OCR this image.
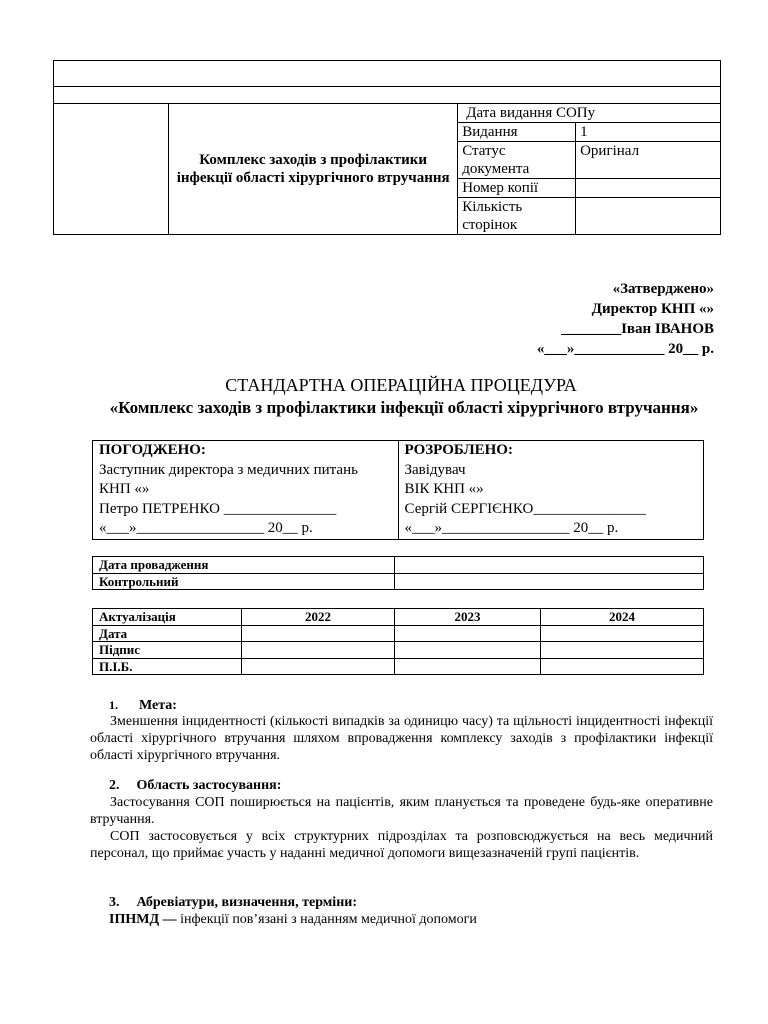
	Комплекс заходів з профілактики інфекції області хірургічного втручання	Дата видання СОПу	
		Видання	1
		Статус документа	Оригінал
		Номер копії	
		Кількість сторінок	
«Затверджено»
Директор КНП «»
________Іван ІВАНОВ
«___»____________ 20__ р.
СТАНДАРТНА ОПЕРАЦІЙНА ПРОЦЕДУРА
«Комплекс заходів з профілактики інфекції області хірургічного втручання»
ПОГОДЖЕНО:
Заступник директора з медичних питань КНП «»
Петро ПЕТРЕНКО _______________
«___»_________________ 20__ р.

РОЗРОБЛЕНО:
Завідувач
ВІК КНП «»
Сергій СЕРГІЄНКО_______________
«___»_________________ 20__ р.
Дата провадження	
Контрольний	
Актуалізація	2022	2023	2024
Дата			
Підпис			
П.І.Б.			
1. Мета:
Зменшення інцидентності (кількості випадків за одиницю часу) та щільності інцидентності інфекції області хірургічного втручання шляхом впровадження комплексу заходів з профілактики інфекції області хірургічного втручання.
2. Область застосування:
Застосування СОП поширюється на пацієнтів, яким планується та проведене будь-яке оперативне втручання.
СОП застосовується у всіх структурних підрозділах та розповсюджується на весь медичний персонал, що приймає участь у наданні медичної допомоги вищезазначеній групі пацієнтів.
3. Абревіатури, визначення, терміни:
ІПНМД — інфекції пов’язані з наданням медичної допомоги
